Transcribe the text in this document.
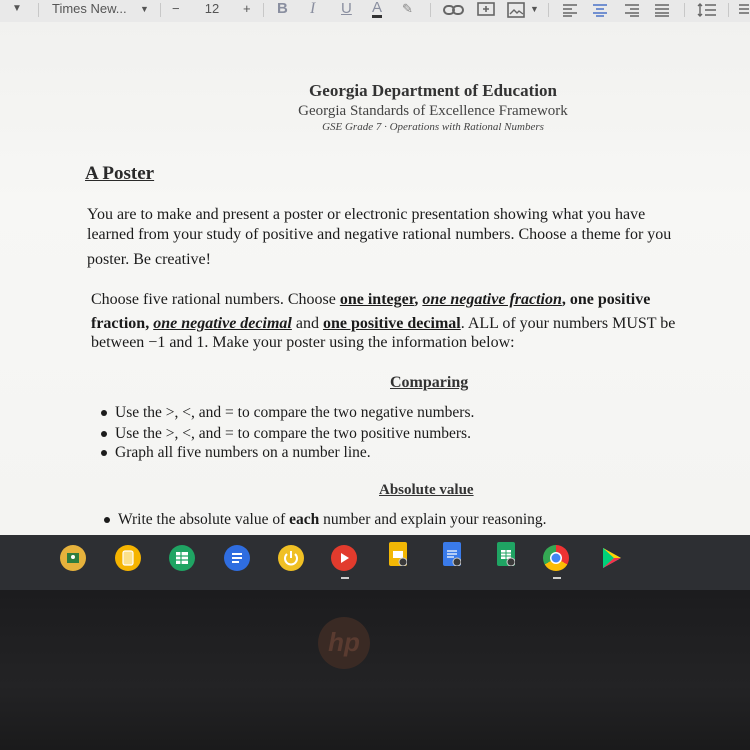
▼ Times New...	▼ −	12	+ B I U A ✎	▼
Georgia Department of Education
Georgia Standards of Excellence Framework
GSE Grade 7 · Operations with Rational Numbers
A Poster
You are to make and present a poster or electronic presentation showing what you have
learned from your study of positive and negative rational numbers. Choose a theme for you
poster. Be creative!
Choose five rational numbers. Choose one integer, one negative fraction, one positive
fraction, one negative decimal and one positive decimal. ALL of your numbers MUST be
between −1 and 1. Make your poster using the information below:
Comparing
Use the >, <, and = to compare the two negative numbers.
Use the >, <, and = to compare the two positive numbers.
Graph all five numbers on a number line.
Absolute value
Write the absolute value of each number and explain your reasoning.
hp
